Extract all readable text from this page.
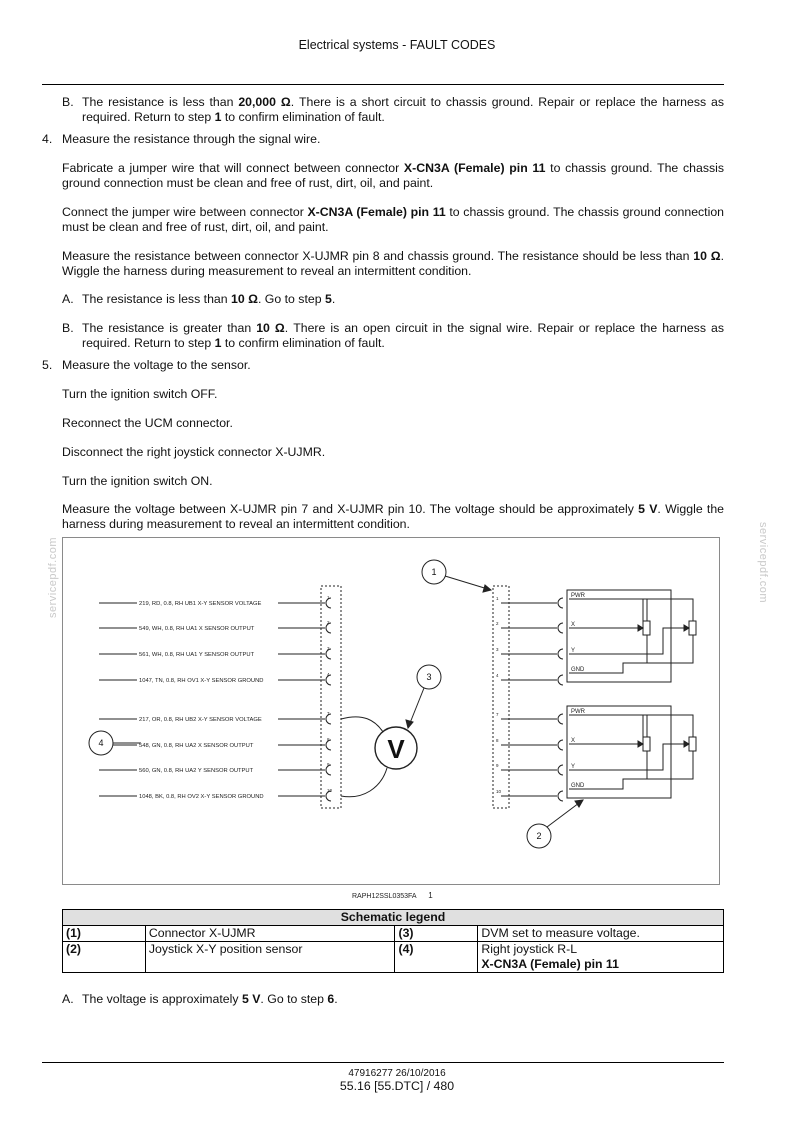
Electrical systems - FAULT CODES
servicepdf.com	servicepdf.com
B. The resistance is less than 20,000 Ω. There is a short circuit to chassis ground. Repair or replace the harness as required. Return to step 1 to confirm elimination of fault.
4. Measure the resistance through the signal wire.
Fabricate a jumper wire that will connect between connector X-CN3A (Female) pin 11 to chassis ground. The chassis ground connection must be clean and free of rust, dirt, oil, and paint.
Connect the jumper wire between connector X-CN3A (Female) pin 11 to chassis ground. The chassis ground connection must be clean and free of rust, dirt, oil, and paint.
Measure the resistance between connector X-UJMR pin 8 and chassis ground. The resistance should be less than 10 Ω. Wiggle the harness during measurement to reveal an intermittent condition.
A. The resistance is less than 10 Ω. Go to step 5.
B. The resistance is greater than 10 Ω. There is an open circuit in the signal wire. Repair or replace the harness as required. Return to step 1 to confirm elimination of fault.
5. Measure the voltage to the sensor.
Turn the ignition switch OFF.
Reconnect the UCM connector.
Disconnect the right joystick connector X-UJMR.
Turn the ignition switch ON.
Measure the voltage between X-UJMR pin 7 and X-UJMR pin 10. The voltage should be approximately 5 V. Wiggle the harness during measurement to reveal an intermittent condition.
1
219, RD, 0.8, RH UB1 X-Y SENSOR VOLTAGE
2
549, WH, 0.8, RH UA1 X SENSOR OUTPUT
3
561, WH, 0.8, RH UA1 Y SENSOR OUTPUT
4
1047, TN, 0.8, RH OV1 X-Y SENSOR GROUND
7
217, OR, 0.8, RH UB2 X-Y SENSOR VOLTAGE
8
548, GN, 0.8, RH UA2 X SENSOR OUTPUT
9
560, GN, 0.8, RH UA2 Y SENSOR OUTPUT
10
1048, BK, 0.8, RH OV2 X-Y SENSOR GROUND
PWR
X
Y
GND
PWR
X
Y
GND
1
2
3
4
7
8
9
10
V
1
2
3
4
RAPH12SSL0353FA 1
Schematic legend			
(1)	Connector X-UJMR	(3)	DVM set to measure voltage.
(2)	Joystick X-Y position sensor	(4)	Right joystick R-L
X-CN3A (Female) pin 11
A. The voltage is approximately 5 V. Go to step 6.
47916277 26/10/2016
55.16 [55.DTC] / 480
